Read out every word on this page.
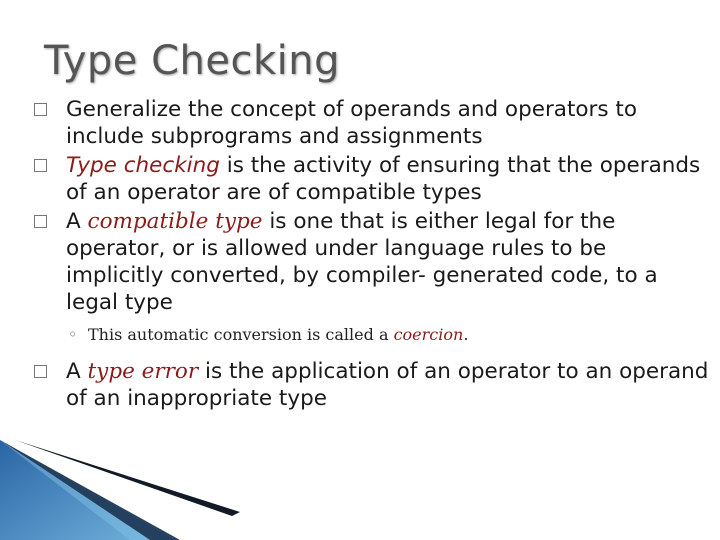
Type Checking
Generalize the concept of operands and operators to include subprograms and assignments
Type checking is the activity of ensuring that the operands of an operator are of compatible types
A compatible type is one that is either legal for the operator, or is allowed under language rules to be implicitly converted, by compiler- generated code, to a legal type
◦ This automatic conversion is called a coercion.
A type error is the application of an operator to an operand of an inappropriate type
